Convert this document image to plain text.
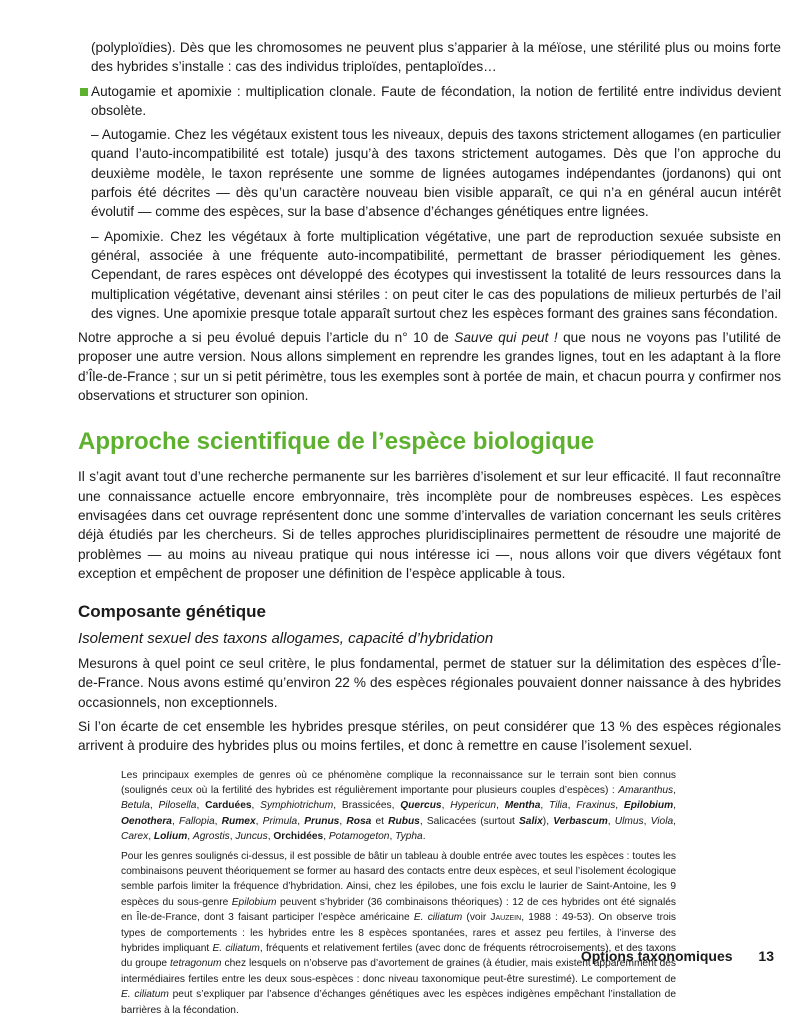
(polyploïdies). Dès que les chromosomes ne peuvent plus s’apparier à la méïose, une stérilité plus ou moins forte des hybrides s’installe : cas des individus triploïdes, pentaploïdes…

Autogamie et apomixie : multiplication clonale. Faute de fécondation, la notion de fertilité entre individus devient obsolète.

– Autogamie. Chez les végétaux existent tous les niveaux, depuis des taxons strictement allogames (en particulier quand l’auto-incompatibilité est totale) jusqu’à des taxons strictement autogames. Dès que l’on approche du deuxième modèle, le taxon représente une somme de lignées autogames indépendantes (jordanons) qui ont parfois été décrites — dès qu’un caractère nouveau bien visible apparaît, ce qui n’a en général aucun intérêt évolutif — comme des espèces, sur la base d’absence d’échanges génétiques entre lignées.

– Apomixie. Chez les végétaux à forte multiplication végétative, une part de reproduction sexuée subsiste en général, associée à une fréquente auto-incompatibilité, permettant de brasser périodiquement les gènes. Cependant, de rares espèces ont développé des écotypes qui investissent la totalité de leurs ressources dans la multiplication végétative, devenant ainsi stériles : on peut citer le cas des populations de milieux perturbés de l’ail des vignes. Une apomixie presque totale apparaît surtout chez les espèces formant des graines sans fécondation.

Notre approche a si peu évolué depuis l’article du n° 10 de Sauve qui peut ! que nous ne voyons pas l’utilité de proposer une autre version. Nous allons simplement en reprendre les grandes lignes, tout en les adaptant à la flore d’Île-de-France ; sur un si petit périmètre, tous les exemples sont à portée de main, et chacun pourra y confirmer nos observations et structurer son opinion.

Approche scientifique de l’espèce biologique

Il s’agit avant tout d’une recherche permanente sur les barrières d’isolement et sur leur efficacité. Il faut reconnaître une connaissance actuelle encore embryonnaire, très incomplète pour de nombreuses espèces. Les espèces envisagées dans cet ouvrage représentent donc une somme d’intervalles de variation concernant les seuls critères déjà étudiés par les chercheurs. Si de telles approches pluridisciplinaires permettent de résoudre une majorité de problèmes — au moins au niveau pratique qui nous intéresse ici —, nous allons voir que divers végétaux font exception et empêchent de proposer une définition de l’espèce applicable à tous.

Composante génétique
Isolement sexuel des taxons allogames, capacité d’hybridation

Mesurons à quel point ce seul critère, le plus fondamental, permet de statuer sur la délimitation des espèces d’Île-de-France. Nous avons estimé qu’environ 22 % des espèces régionales pouvaient donner naissance à des hybrides occasionnels, non exceptionnels.

Si l’on écarte de cet ensemble les hybrides presque stériles, on peut considérer que 13 % des espèces régionales arrivent à produire des hybrides plus ou moins fertiles, et donc à remettre en cause l’isolement sexuel.

Les principaux exemples de genres où ce phénomène complique la reconnaissance sur le terrain sont bien connus (soulignés ceux où la fertilité des hybrides est régulièrement importante pour plusieurs couples d’espèces) : Amaranthus, Betula, Pilosella, Carduées, Symphiotrichum, Brassicées, Quercus, Hypericun, Mentha, Tilia, Fraxinus, Epilobium, Oenothera, Fallopia, Rumex, Primula, Prunus, Rosa et Rubus, Salicacées (surtout Salix), Verbascum, Ulmus, Viola, Carex, Lolium, Agrostis, Juncus, Orchidées, Potamogeton, Typha.

Pour les genres soulignés ci-dessus, il est possible de bâtir un tableau à double entrée avec toutes les espèces : toutes les combinaisons peuvent théoriquement se former au hasard des contacts entre deux espèces, et seul l’isolement écologique semble parfois limiter la fréquence d’hybridation. Ainsi, chez les épilobes, une fois exclu le laurier de Saint-Antoine, les 9 espèces du sous-genre Epilobium peuvent s’hybrider (36 combinaisons théoriques) : 12 de ces hybrides ont été signalés en Île-de-France, dont 3 faisant participer l’espèce américaine E. ciliatum (voir Jauzein, 1988 : 49-53). On observe trois types de comportements : les hybrides entre les 8 espèces spontanées, rares et assez peu fertiles, à l’inverse des hybrides impliquant E. ciliatum, fréquents et relativement fertiles (avec donc de fréquents rétrocroisements), et des taxons du groupe tetragonum chez lesquels on n’observe pas d’avortement de graines (à étudier, mais existent apparemment des intermédiaires fertiles entre les deux sous-espèces : donc niveau taxonomique peut-être surestimé). Le comportement de E. ciliatum peut s’expliquer par l’absence d’échanges génétiques avec les espèces indigènes empêchant l’installation de barrières à la fécondation.

Options taxonomiques 13
